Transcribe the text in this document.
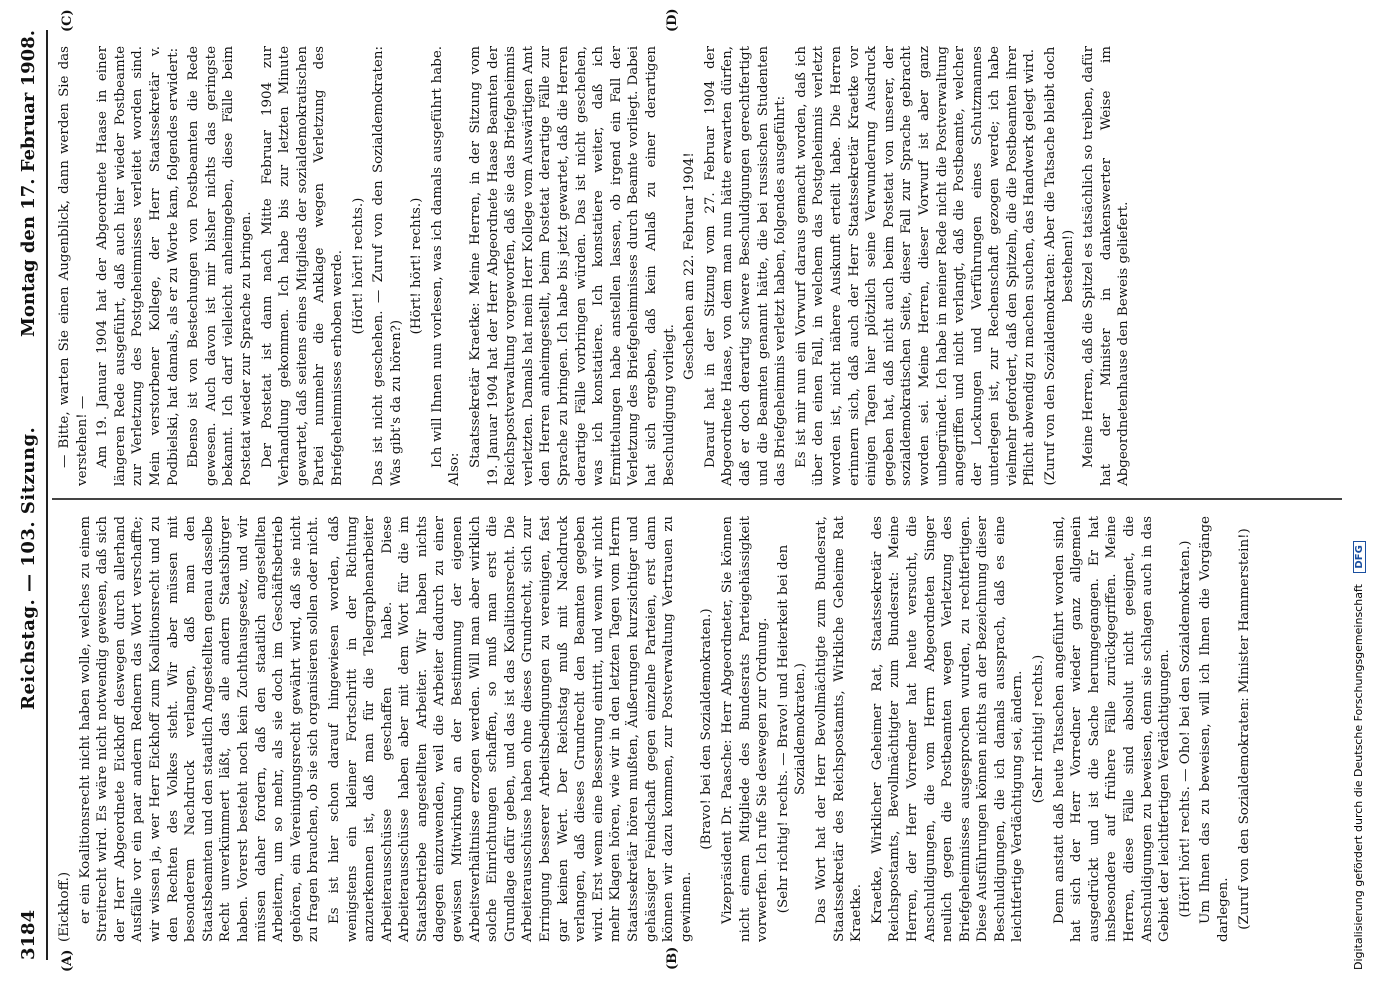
3184
Reichstag. — 103. Sitzung.
Montag den 17. Februar 1908.
(A)	(B)
(C)	(D)

(Eickhoff.) er ein Koalitionsrecht nicht haben wolle, welches zu einem Streitrecht wird. Es wäre nicht notwendig gewesen, daß sich der Herr Abgeordnete Eickhoff deswegen durch allerhand Ausfälle vor ein paar andern Rednern das Wort verschaffte; wir wissen ja, wer Herr Eickhoff zum Koalitionsrecht und zu den Rechten des Volkes steht. Wir aber müssen mit besonderem Nachdruck verlangen, daß man den Staatsbeamten und den staatlich Angestellten genau dasselbe Recht unverkümmert läßt, das alle andern Staatsbürger haben. Vorerst besteht noch kein Zuchthausgesetz, und wir müssen daher fordern, daß den staatlich angestellten Arbeitern, um so mehr, als sie doch im Geschäftsbetrieb gehören, ein Vereinigungsrecht gewährt wird, daß sie nicht zu fragen brauchen, ob sie sich organisieren sollen oder nicht. Es ist hier schon darauf hingewiesen worden, daß wenigstens ein kleiner Fortschritt in der Richtung anzuerkennen ist, daß man für die Telegraphenarbeiter Arbeiterausschüsse geschaffen habe. Diese Arbeiterausschüsse haben aber mit dem Wort für die im Staatsbetriebe angestellten Arbeiter. Wir haben nichts dagegen einzuwenden, weil die Arbeiter dadurch zu einer gewissen Mitwirkung an der Bestimmung der eigenen Arbeitsverhältnisse erzogen werden. Will man aber wirklich solche Einrichtungen schaffen, so muß man erst die Grundlage dafür geben, und das ist das Koalitionsrecht. Die Arbeiterausschüsse haben ohne dieses Grundrecht, sich zur Erringung besserer Arbeitsbedingungen zu vereinigen, fast gar keinen Wert. Der Reichstag muß mit Nachdruck verlangen, daß dieses Grundrecht den Beamten gegeben wird. Erst wenn eine Besserung eintritt, und wenn wir nicht mehr Klagen hören, wie wir in den letzten Tagen vom Herrn Staatssekretär hören mußten, Äußerungen kurzsichtiger und gehässiger Feindschaft gegen einzelne Parteien, erst dann können wir dazu kommen, zur Postverwaltung Vertrauen zu gewinnen.

(Bravo! bei den Sozialdemokraten.) Vizepräsident Dr. Paasche: Herr Abgeordneter, Sie können nicht einem Mitgliede des Bundesrats Parteigehässigkeit vorwerfen. Ich rufe Sie deswegen zur Ordnung. (Sehr richtig! rechts. — Bravo! und Heiterkeit bei den Sozialdemokraten.) Das Wort hat der Herr Bevollmächtigte zum Bundesrat, Staatssekretär des Reichspostamts, Wirkliche Geheime Rat Kraetke. Kraetke, Wirklicher Geheimer Rat, Staatssekretär des Reichspostamts, Bevollmächtigter zum Bundesrat: Meine Herren, der Herr Vorredner hat heute versucht, die Anschuldigungen, die vom Herrn Abgeordneten Singer neulich gegen die Postbeamten wegen Verletzung des Briefgeheimnisses ausgesprochen wurden, zu rechtfertigen. Diese Ausführungen können nichts an der Bezeichnung dieser Beschuldigungen, die ich damals aussprach, daß es eine leichtfertige Verdächtigung sei, ändern. (Sehr richtig! rechts.) Denn anstatt daß heute Tatsachen angeführt worden sind, hat sich der Herr Vorredner wieder ganz allgemein ausgedrückt und ist die Sache herumgegangen. Er hat insbesondere auf frühere Fälle zurückgegriffen. Meine Herren, diese Fälle sind absolut nicht geeignet, die Anschuldigungen zu beweisen, denn sie schlagen auch in das Gebiet der leichtfertigen Verdächtigungen. (Hört! hört! rechts. — Oho! bei den Sozialdemokraten.) Um Ihnen das zu beweisen, will ich Ihnen die Vorgänge darlegen. (Zuruf von den Sozialdemokraten: Minister Hammerstein!)

— Bitte, warten Sie einen Augenblick, dann werden Sie das verstehen! — Am 19. Januar 1904 hat der Abgeordnete Haase in einer längeren Rede ausgeführt, daß auch hier wieder Postbeamte zur Verletzung des Postgeheimnisses verleitet worden sind. Mein verstorbener Kollege, der Herr Staatssekretär v. Podbielski, hat damals, als er zu Worte kam, folgendes erwidert: Ebenso ist von Bestechungen von Postbeamten die Rede gewesen. Auch davon ist mir bisher nichts das geringste bekannt. Ich darf vielleicht anheimgeben, diese Fälle beim Postetat wieder zur Sprache zu bringen. Der Postetat ist dann nach Mitte Februar 1904 zur Verhandlung gekommen. Ich habe bis zur letzten Minute gewartet, daß seitens eines Mitglieds der sozialdemokratischen Partei nunmehr die Anklage wegen Verletzung des Briefgeheimnisses erhoben werde. (Hört! hört! rechts.) Das ist nicht geschehen. — Zuruf von den Sozialdemokraten: Was gibt's da zu hören?)

(Hört! hört! rechts.) Ich will Ihnen nun vorlesen, was ich damals ausgeführt habe. Also:

Staatssekretär Kraetke: Meine Herren, in der Sitzung vom 19. Januar 1904 hat der Herr Abgeordnete Haase Beamten der Reichspostverwaltung vorgeworfen, daß sie das Briefgeheimnis verletzten. Damals hat mein Herr Kollege vom Auswärtigen Amt den Herren anheimgestellt, beim Postetat derartige Fälle zur Sprache zu bringen. Ich habe bis jetzt gewartet, daß die Herren derartige Fälle vorbringen würden. Das ist nicht geschehen, was ich konstatiere. Ich konstatiere weiter, daß ich Ermittelungen habe anstellen lassen, ob irgend ein Fall der Verletzung des Briefgeheimnisses durch Beamte vorliegt. Dabei hat sich ergeben, daß kein Anlaß zu einer derartigen Beschuldigung vorliegt.

Geschehen am 22. Februar 1904! Darauf hat in der Sitzung vom 27. Februar 1904 der Abgeordnete Haase, von dem man nun hätte erwarten dürfen, daß er doch derartig schwere Beschuldigungen gerechtfertigt und die Beamten genannt hätte, die bei russischen Studenten das Briefgeheimnis verletzt haben, folgendes ausgeführt: Es ist mir nun ein Vorwurf daraus gemacht worden, daß ich über den einen Fall, in welchem das Postgeheimnis verletzt worden ist, nicht nähere Auskunft erteilt habe. Die Herren erinnern sich, daß auch der Herr Staatssekretär Kraetke vor einigen Tagen hier plötzlich seine Verwunderung Ausdruck gegeben hat, daß nicht auch beim Postetat von unserer, der sozialdemokratischen Seite, dieser Fall zur Sprache gebracht worden sei. Meine Herren, dieser Vorwurf ist aber ganz unbegründet. Ich habe in meiner Rede nicht die Postverwaltung angegriffen und nicht verlangt, daß die Postbeamte, welcher der Lockungen und Verführungen eines Schutzmannes unterlegen ist, zur Rechenschaft gezogen werde; ich habe vielmehr gefordert, daß den Spitzeln, die die Postbeamten ihrer Pflicht abwendig zu machen suchen, das Handwerk gelegt wird. (Zuruf von den Sozialdemokraten: Aber die Tatsache bleibt doch bestehen!) Meine Herren, daß die Spitzel es tatsächlich so treiben, dafür hat der Minister in dankenswerter Weise im Abgeordnetenhause den Beweis geliefert.

Digitalisierung gefördert durch die Deutsche Forschungsgemeinschaft DFG
